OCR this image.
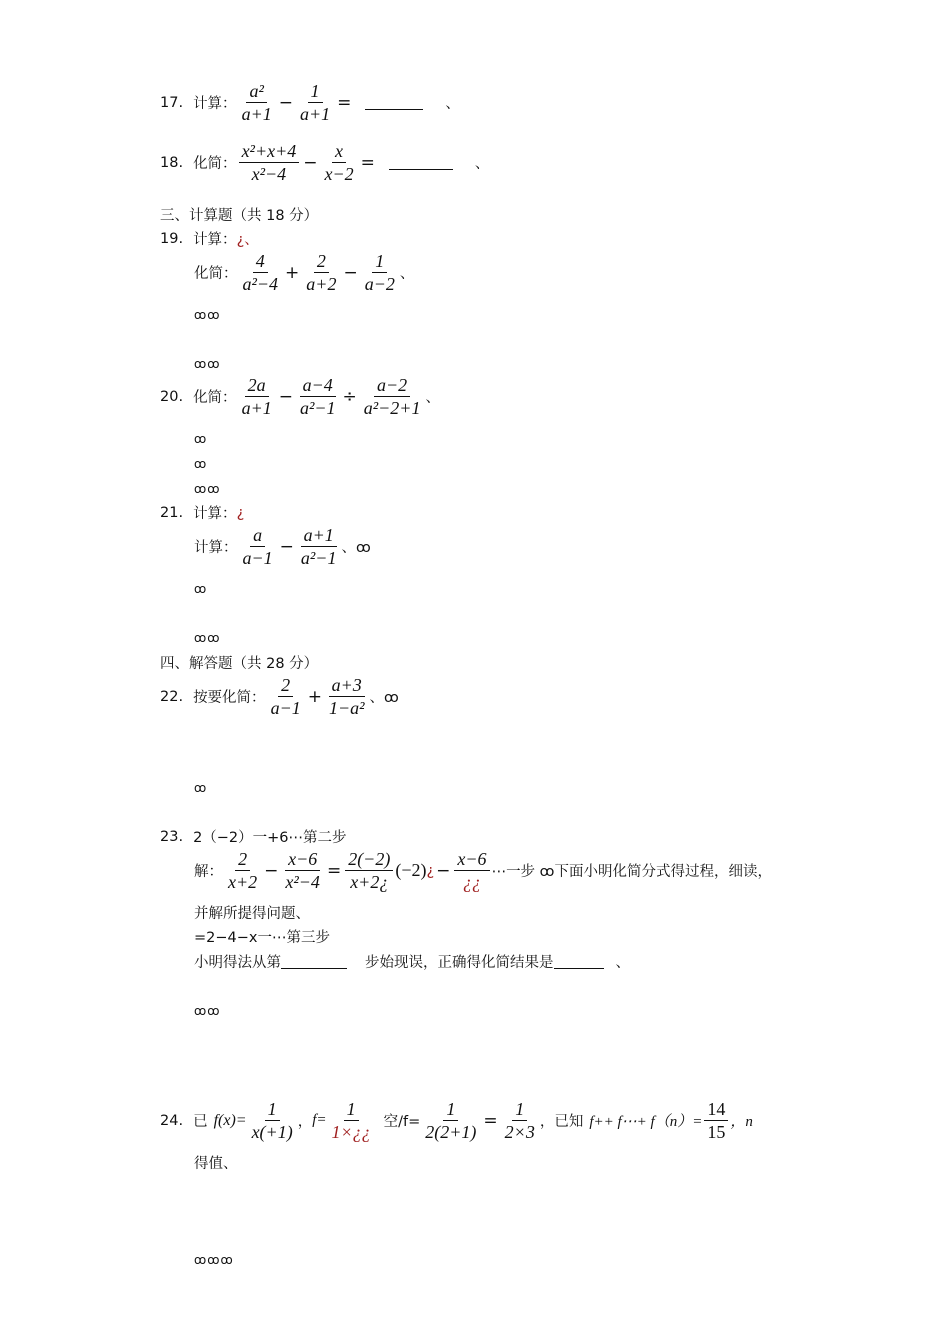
17. 计算： $\frac{\text{a²}}{a+1} - \frac{1}{a+1}$ =	、
18. 化简： $\frac{\text{x²+x+4}}{\text{x²−4}} - \frac{x}{x-2}$ =	、
三、计算题（共 18 分）
19. 计算： ¿、
化简： $\frac{4}{\text{a²−4}} + \frac{2}{a+2} - \frac{1}{a-2}$ 、
ꝏꝏ
ꝏꝏ
20. 化简： $\frac{2a}{a+1} - \frac{a-4}{\text{a²−1}} \div \frac{a-2}{\text{a²−2+1}}$ 、
ꝏ
ꝏ
ꝏꝏ
21. 计算： ¿
计算： $\frac{a}{a-1} - \frac{a+1}{\text{a²−1}}$ 、ꝏ
ꝏ
ꝏꝏ
四、解答题（共 28 分）
22. 按要化简： $\frac{2}{a-1} + \frac{a+3}{\text{1−a²}}$ 、ꝏ
ꝏ
23. 2（−2）一+6⋯第二步
解： $\frac{2}{x+2} - \frac{x-6}{\text{x²−4}} = \frac{2(-2)}{x+2¿} (-2)$ ¿ − $\frac{x-6}{¿¿}$ ⋯一步 ꝏ下面小明化简分式得过程，细读，
并解所提得问题、
=2−4−x一⋯第三步
小明得法从第	步始现误，正确得化简结果是	、
ꝏꝏ
24. 已 $f(x)= \frac{1}{x(+1)}$ ， $f= \frac{1}{1\times¿¿}$ 空$/f= \frac{1}{2(2+1)} = \frac{1}{2\times 3}$ ，已知 f++ f⋯+ $f(n)= \frac{14}{15}$ ，n
得值、
ꝏꝏꝏ
